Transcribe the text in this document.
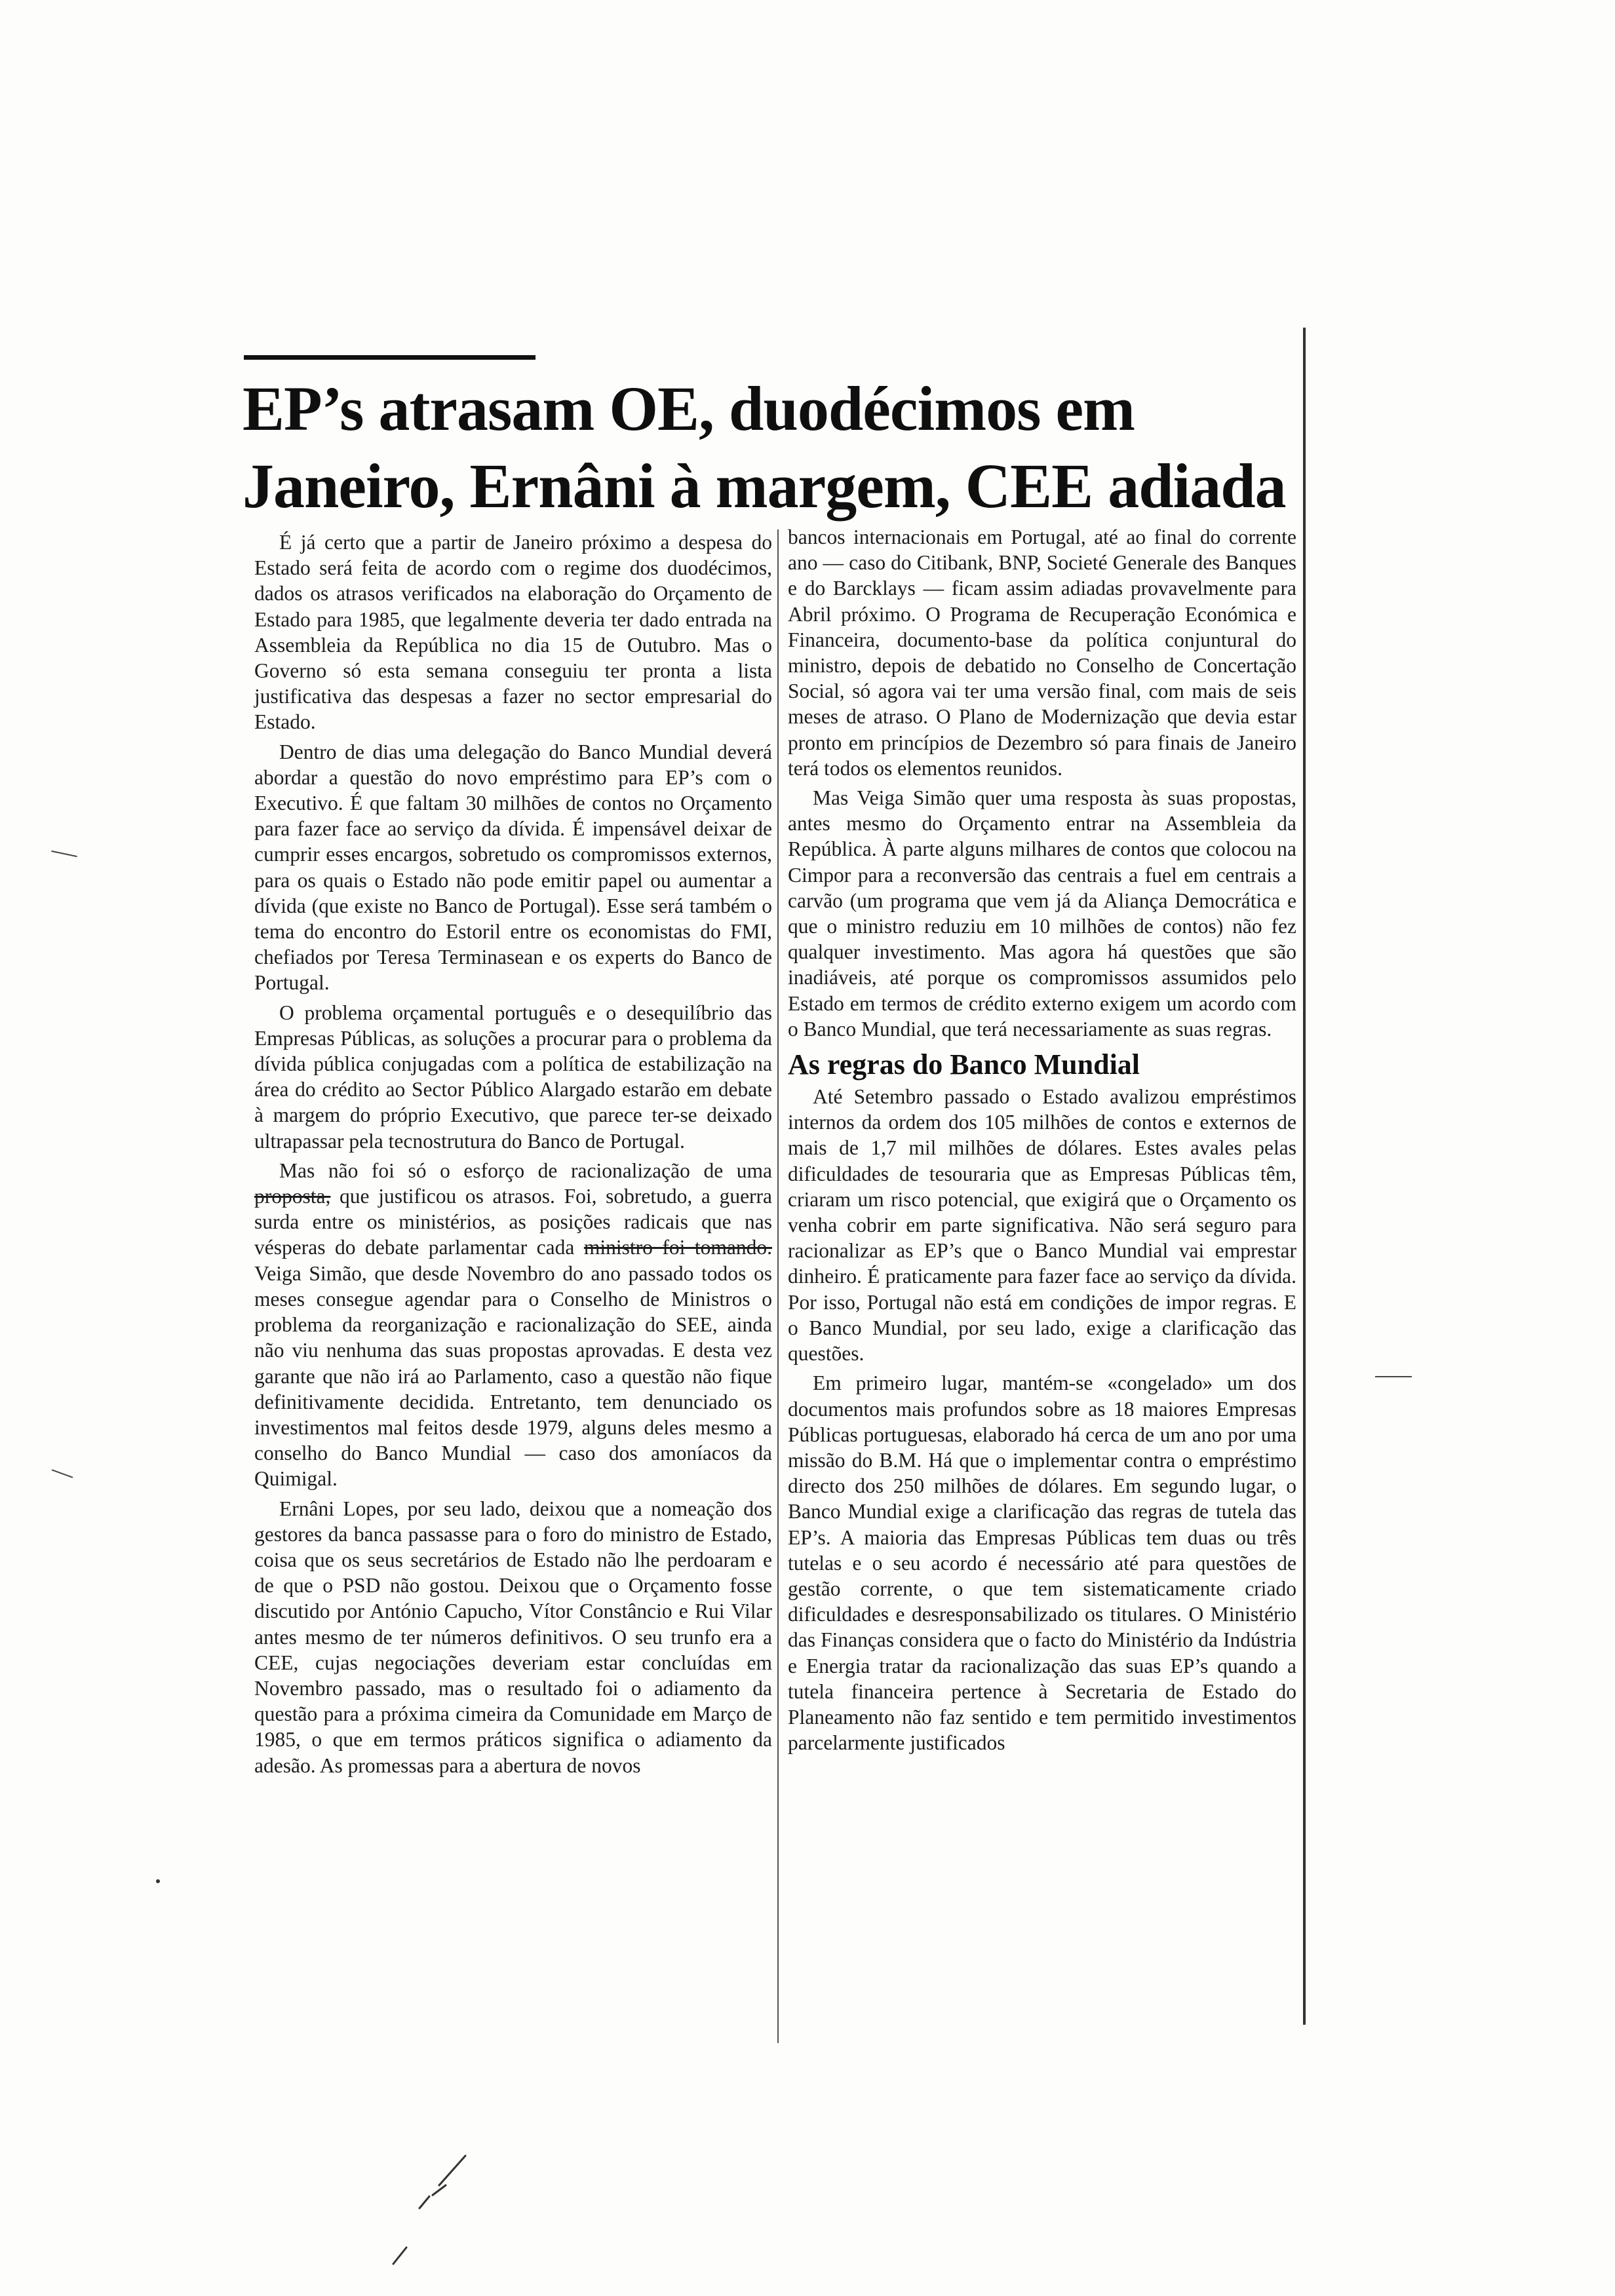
EP’s atrasam OE, duodécimos em
Janeiro, Ernâni à margem, CEE adiada

É já certo que a partir de Janeiro próximo a despesa do Estado será feita de acordo com o regime dos duodécimos, dados os atrasos verificados na elaboração do Orçamento de Estado para 1985, que legalmente deveria ter dado entrada na Assembleia da República no dia 15 de Outubro. Mas o Governo só esta semana conseguiu ter pronta a lista justificativa das despesas a fazer no sector empresarial do Estado.

Dentro de dias uma delegação do Banco Mundial deverá abordar a questão do novo empréstimo para EP’s com o Executivo. É que faltam 30 milhões de contos no Orçamento para fazer face ao serviço da dívida. É impensável deixar de cumprir esses encargos, sobretudo os compromissos externos, para os quais o Estado não pode emitir papel ou aumentar a dívida (que existe no Banco de Portugal). Esse será também o tema do encontro do Estoril entre os economistas do FMI, chefiados por Teresa Terminasean e os experts do Banco de Portugal.

O problema orçamental português e o desequilíbrio das Empresas Públicas, as soluções a procurar para o problema da dívida pública conjugadas com a política de estabilização na área do crédito ao Sector Público Alargado estarão em debate à margem do próprio Executivo, que parece ter-se deixado ultrapassar pela tecnostrutura do Banco de Portugal.

Mas não foi só o esforço de racionalização de uma proposta, que justificou os atrasos. Foi, sobretudo, a guerra surda entre os ministérios, as posições radicais que nas vésperas do debate parlamentar cada ministro foi tomando. Veiga Simão, que desde Novembro do ano passado todos os meses consegue agendar para o Conselho de Ministros o problema da reorganização e racionalização do SEE, ainda não viu nenhuma das suas propostas aprovadas. E desta vez garante que não irá ao Parlamento, caso a questão não fique definitivamente decidida. Entretanto, tem denunciado os investimentos mal feitos desde 1979, alguns deles mesmo a conselho do Banco Mundial — caso dos amoníacos da Quimigal.

Ernâni Lopes, por seu lado, deixou que a nomeação dos gestores da banca passasse para o foro do ministro de Estado, coisa que os seus secretários de Estado não lhe perdoaram e de que o PSD não gostou. Deixou que o Orçamento fosse discutido por António Capucho, Vítor Constâncio e Rui Vilar antes mesmo de ter números definitivos. O seu trunfo era a CEE, cujas negociações deveriam estar concluídas em Novembro passado, mas o resultado foi o adiamento da questão para a próxima cimeira da Comunidade em Março de 1985, o que em termos práticos significa o adiamento da adesão. As promessas para a abertura de novos

bancos internacionais em Portugal, até ao final do corrente ano — caso do Citibank, BNP, Societé Generale des Banques e do Barcklays — ficam assim adiadas provavelmente para Abril próximo. O Programa de Recuperação Económica e Financeira, documento-base da política conjuntural do ministro, depois de debatido no Conselho de Concertação Social, só agora vai ter uma versão final, com mais de seis meses de atraso. O Plano de Modernização que devia estar pronto em princípios de Dezembro só para finais de Janeiro terá todos os elementos reunidos.

Mas Veiga Simão quer uma resposta às suas propostas, antes mesmo do Orçamento entrar na Assembleia da República. À parte alguns milhares de contos que colocou na Cimpor para a reconversão das centrais a fuel em centrais a carvão (um programa que vem já da Aliança Democrática e que o ministro reduziu em 10 milhões de contos) não fez qualquer investimento. Mas agora há questões que são inadiáveis, até porque os compromissos assumidos pelo Estado em termos de crédito externo exigem um acordo com o Banco Mundial, que terá necessariamente as suas regras.

As regras do Banco Mundial

Até Setembro passado o Estado avalizou empréstimos internos da ordem dos 105 milhões de contos e externos de mais de 1,7 mil milhões de dólares. Estes avales pelas dificuldades de tesouraria que as Empresas Públicas têm, criaram um risco potencial, que exigirá que o Orçamento os venha cobrir em parte significativa. Não será seguro para racionalizar as EP’s que o Banco Mundial vai emprestar dinheiro. É praticamente para fazer face ao serviço da dívida. Por isso, Portugal não está em condições de impor regras. E o Banco Mundial, por seu lado, exige a clarificação das questões.

Em primeiro lugar, mantém-se «congelado» um dos documentos mais profundos sobre as 18 maiores Empresas Públicas portuguesas, elaborado há cerca de um ano por uma missão do B.M. Há que o implementar contra o empréstimo directo dos 250 milhões de dólares. Em segundo lugar, o Banco Mundial exige a clarificação das regras de tutela das EP’s. A maioria das Empresas Públicas tem duas ou três tutelas e o seu acordo é necessário até para questões de gestão corrente, o que tem sistematicamente criado dificuldades e desresponsabilizado os titulares. O Ministério das Finanças considera que o facto do Ministério da Indústria e Energia tratar da racionalização das suas EP’s quando a tutela financeira pertence à Secretaria de Estado do Planeamento não faz sentido e tem permitido investimentos parcelarmente justificados
